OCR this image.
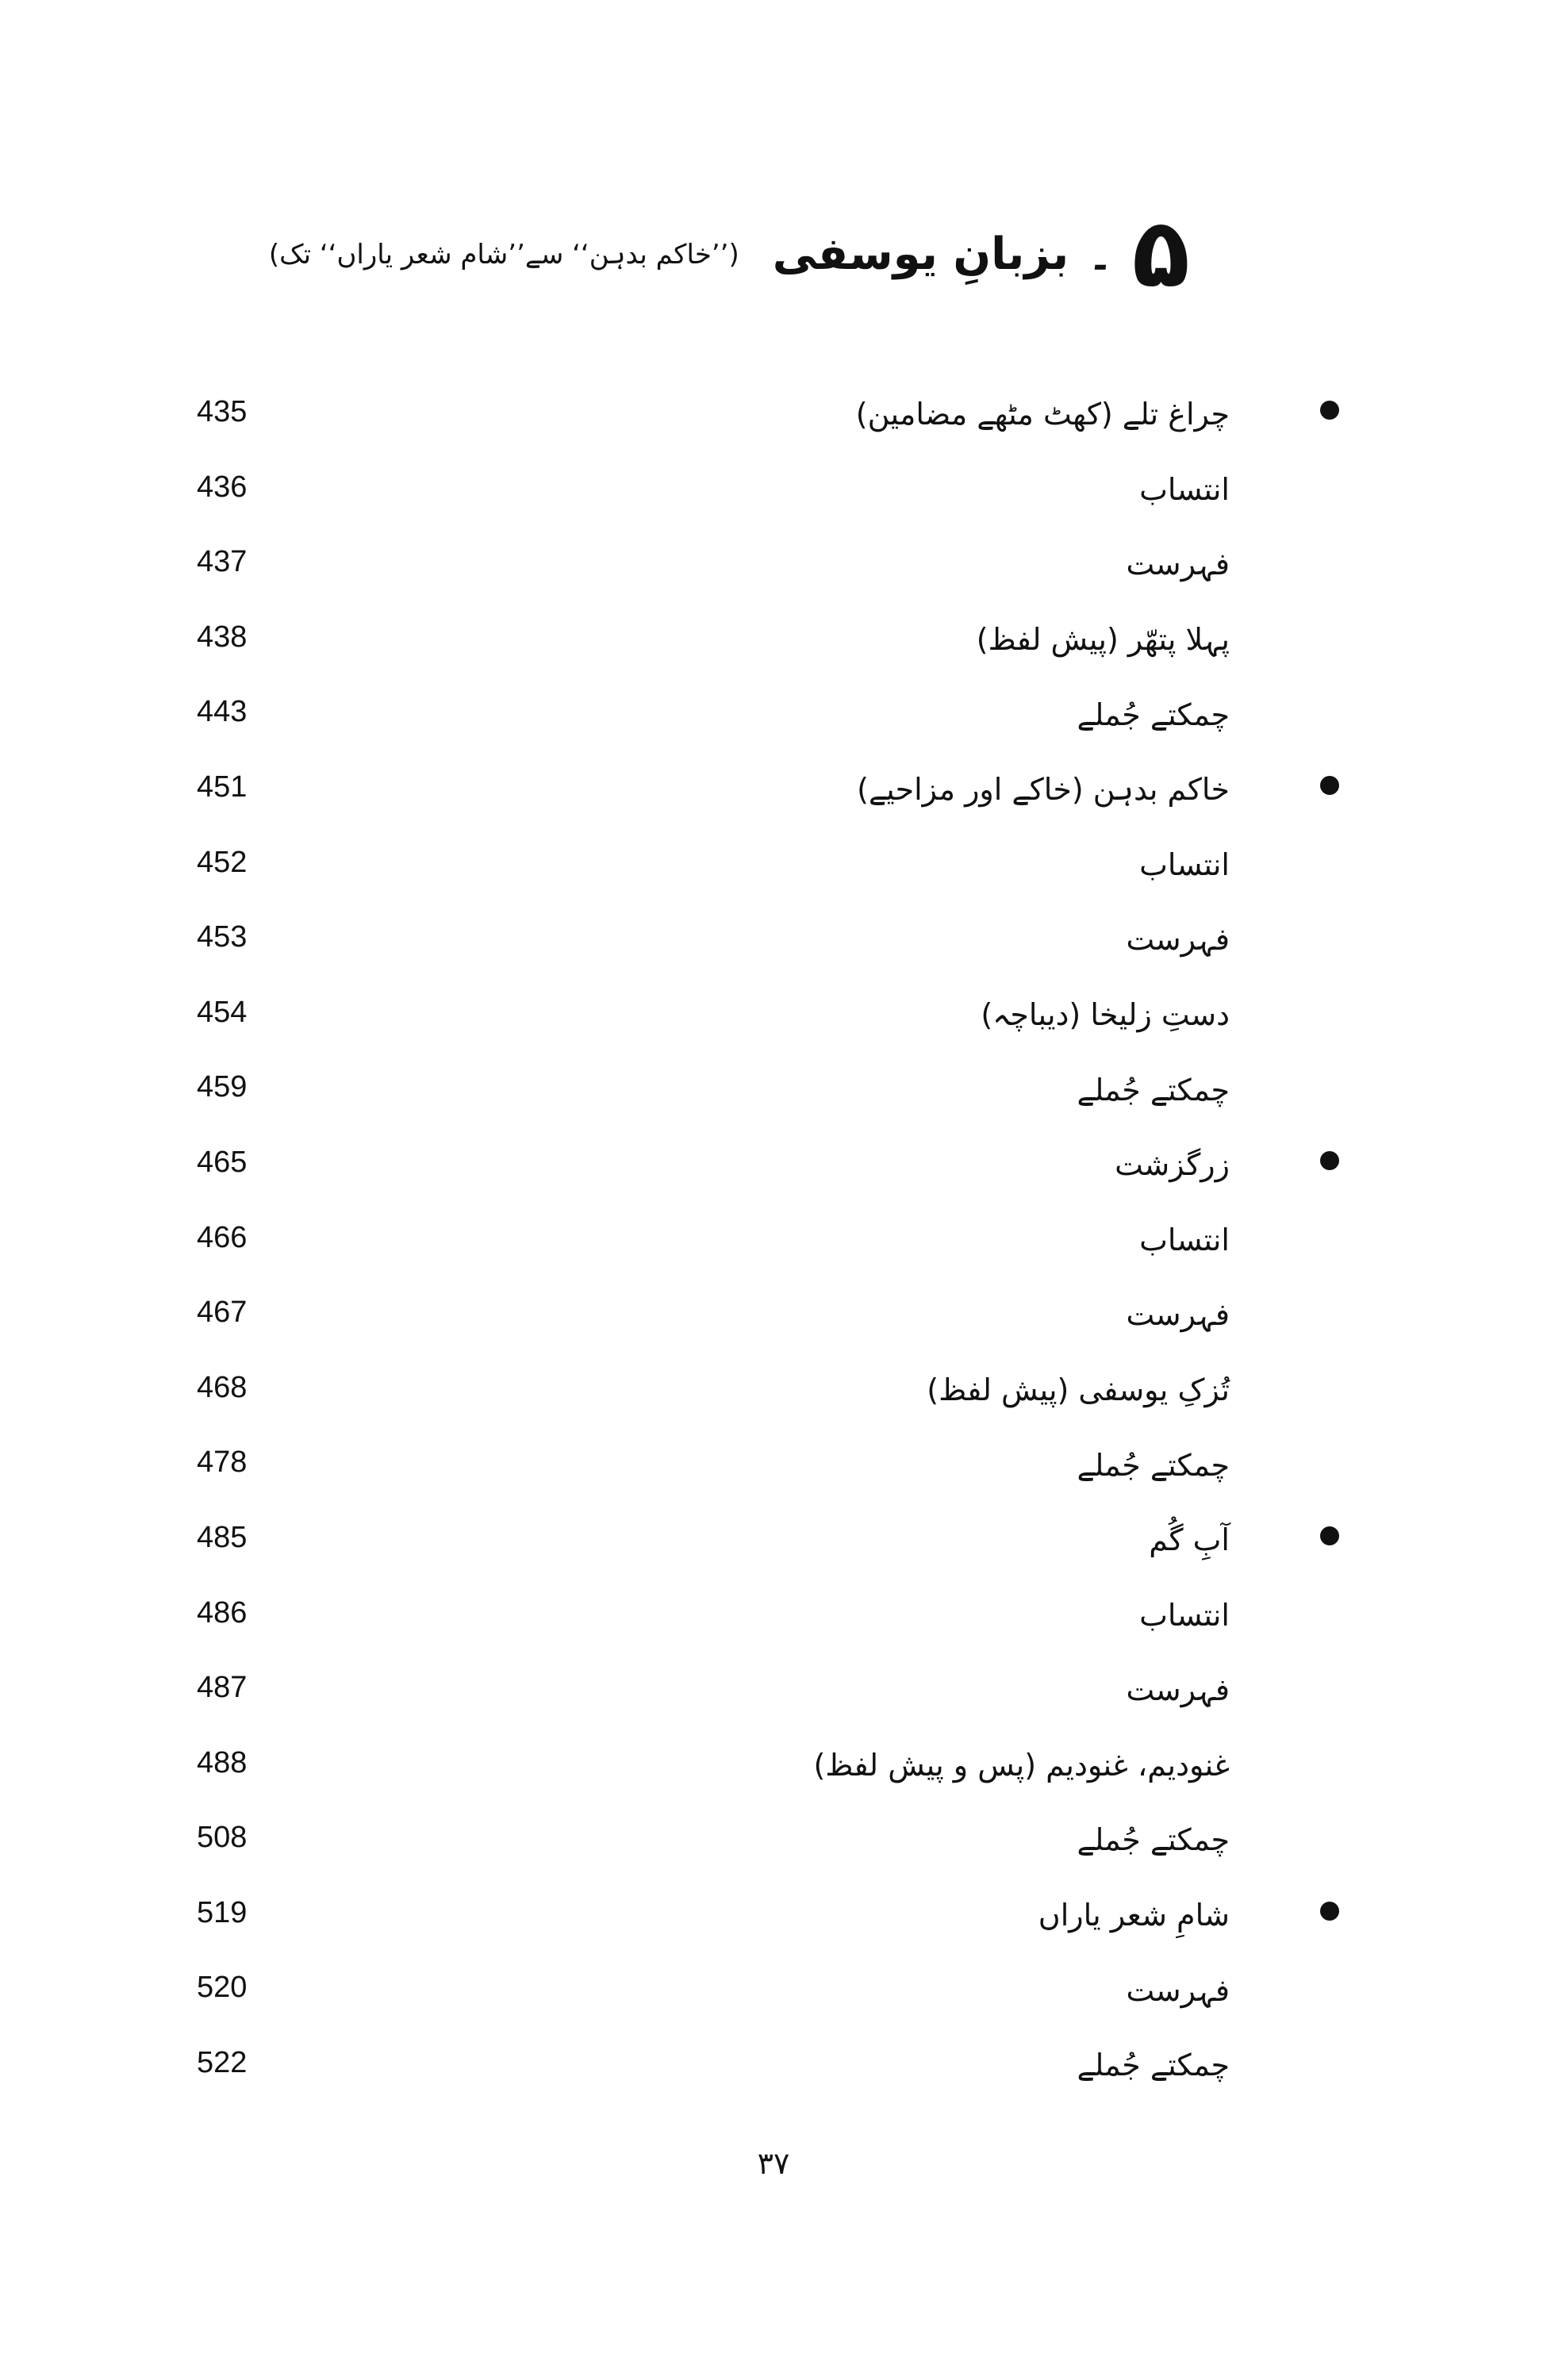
۵
۔
بزبانِ یوسفی
(’’خاکم بدہن‘‘ سے’’شام شعر یاراں‘‘ تک)
چراغ تلے (کھٹ مٹھے مضامین)
435
انتساب
436
فہرست
437
پہلا پتھّر (پیش لفظ)
438
چمکتے جُملے
443
خاکم بدہن (خاکے اور مزاحیے)
451
انتساب
452
فہرست
453
دستِ زلیخا (دیباچہ)
454
چمکتے جُملے
459
زرگزشت
465
انتساب
466
فہرست
467
تُزکِ یوسفی (پیش لفظ)
468
چمکتے جُملے
478
آبِ گُم
485
انتساب
486
فہرست
487
غنودیم، غنودیم (پس و پیش لفظ)
488
چمکتے جُملے
508
شامِ شعر یاراں
519
فہرست
520
چمکتے جُملے
522
۳۷
